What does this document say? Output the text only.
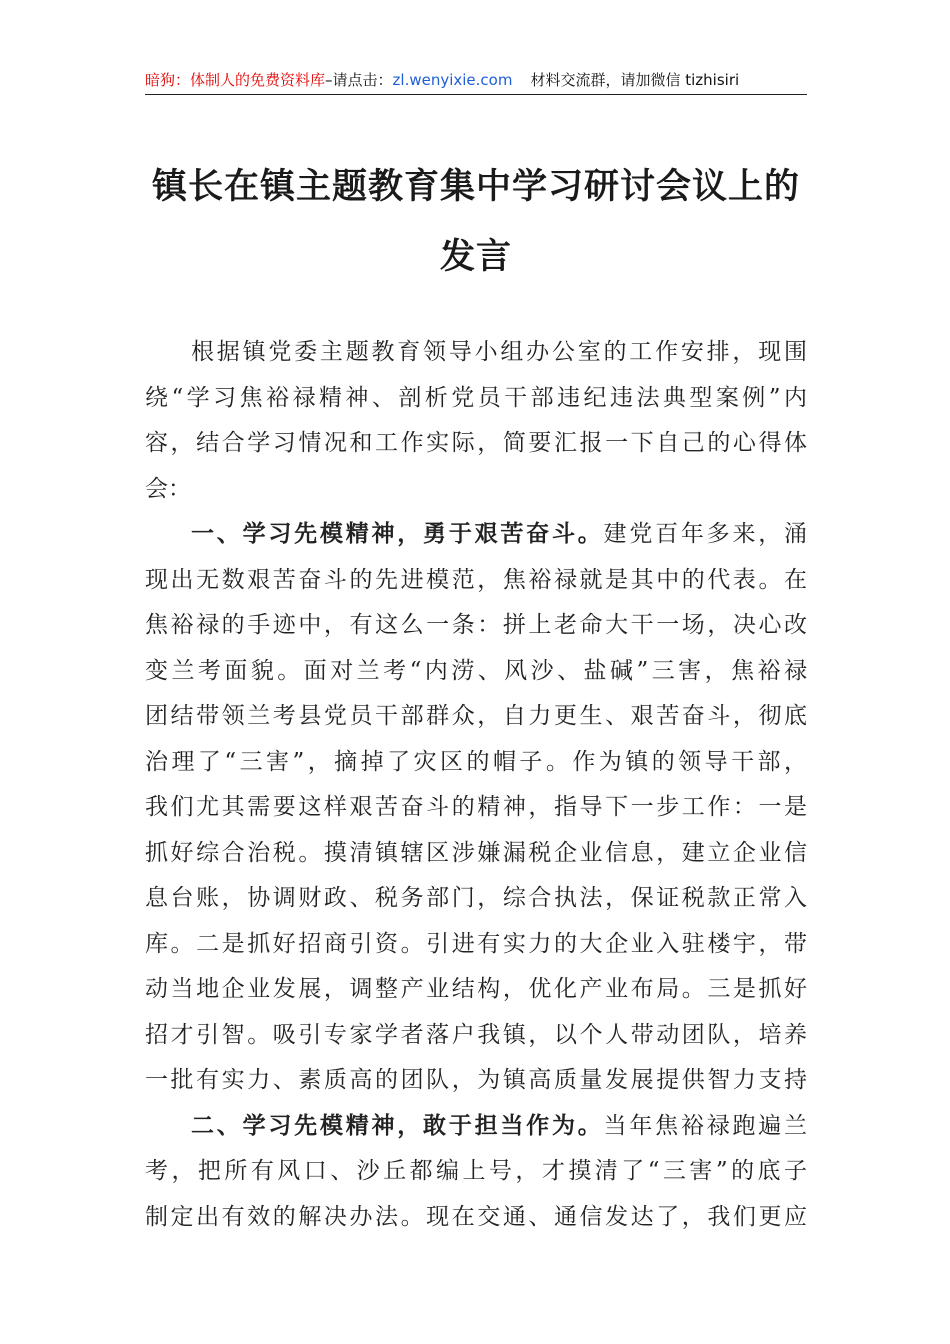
暗狗：体制人的免费资料库 –请点击： zl.wenyixie.com 材料交流群，请加微信 tizhisiri
镇长在镇主题教育集中学习研讨会议上的
发言
根据镇党委主题教育领导小组办公室的工作安排，现围
绕“学习焦裕禄精神、剖析党员干部违纪违法典型案例”内
容，结合学习情况和工作实际，简要汇报一下自己的心得体
会：
一、学习先模精神，勇于艰苦奋斗。建党百年多来，涌
现出无数艰苦奋斗的先进模范，焦裕禄就是其中的代表。在
焦裕禄的手迹中，有这么一条：拼上老命大干一场，决心改
变兰考面貌。面对兰考“内涝、风沙、盐碱”三害，焦裕禄
团结带领兰考县党员干部群众，自力更生、艰苦奋斗，彻底
治理了“三害”，摘掉了灾区的帽子。作为镇的领导干部，
我们尤其需要这样艰苦奋斗的精神，指导下一步工作：一是
抓好综合治税。摸清镇辖区涉嫌漏税企业信息，建立企业信
息台账，协调财政、税务部门，综合执法，保证税款正常入
库。二是抓好招商引资。引进有实力的大企业入驻楼宇，带
动当地企业发展，调整产业结构，优化产业布局。三是抓好
招才引智。吸引专家学者落户我镇，以个人带动团队，培养
一批有实力、素质高的团队，为镇高质量发展提供智力支持
二、学习先模精神，敢于担当作为。当年焦裕禄跑遍兰
考，把所有风口、沙丘都编上号，才摸清了“三害”的底子
制定出有效的解决办法。现在交通、通信发达了，我们更应
